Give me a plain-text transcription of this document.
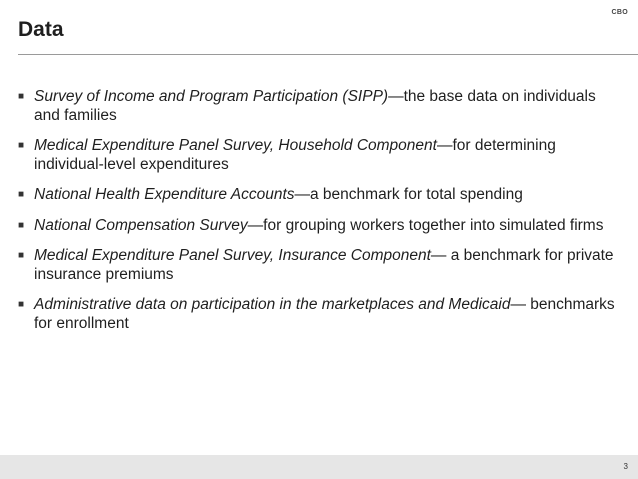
CBO
Data
■ Survey of Income and Program Participation (SIPP)—the base data on individuals and families
■ Medical Expenditure Panel Survey, Household Component—for determining individual-level expenditures
■ National Health Expenditure Accounts—a benchmark for total spending
■ National Compensation Survey—for grouping workers together into simulated firms
■ Medical Expenditure Panel Survey, Insurance Component— a benchmark for private insurance premiums
■ Administrative data on participation in the marketplaces and Medicaid— benchmarks for enrollment
3
